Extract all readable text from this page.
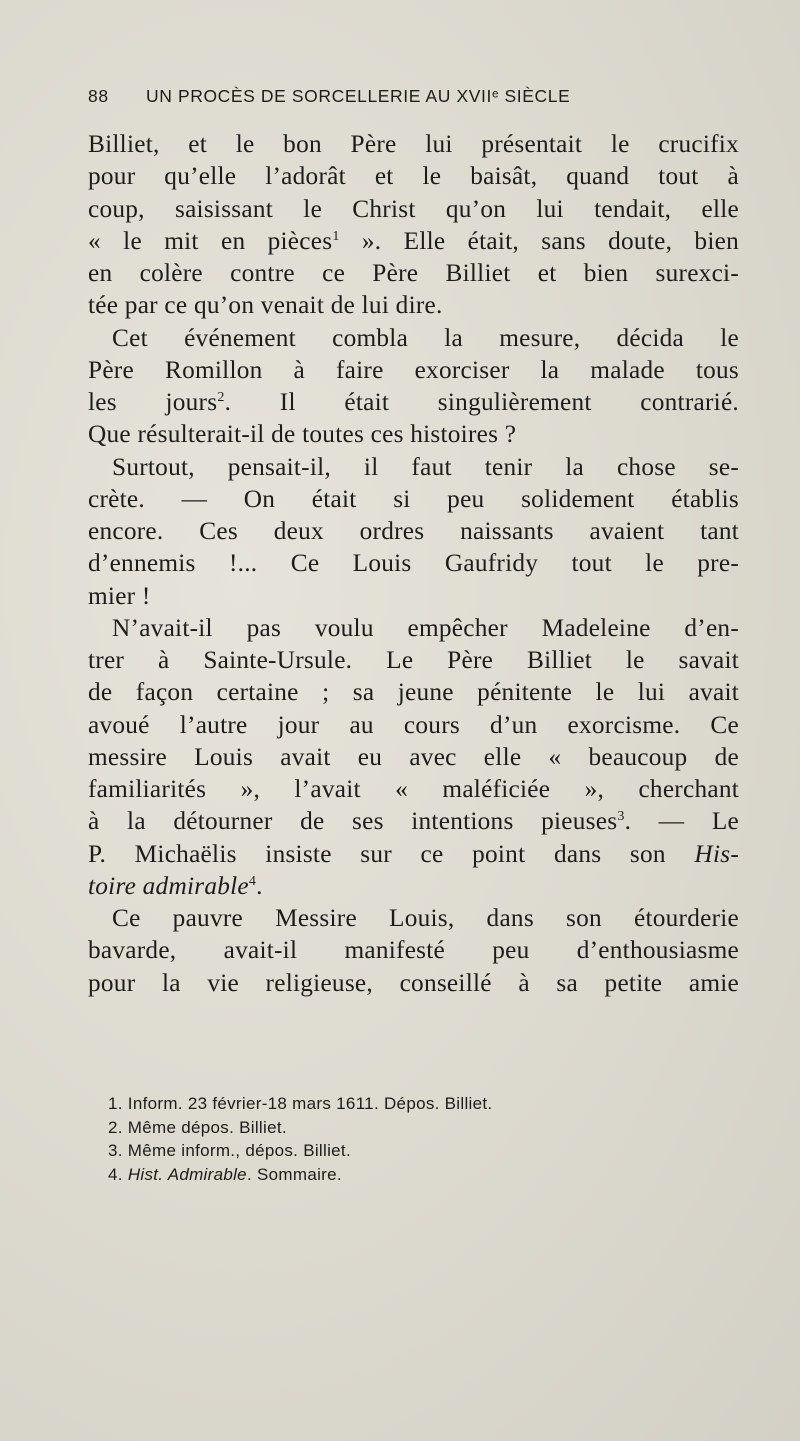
88	UN PROCÈS DE SORCELLERIE AU XVIIᵉ SIÈCLE
Billiet, et le bon Père lui présentait le crucifix
pour qu’elle l’adorât et le baisât, quand tout à
coup, saisissant le Christ qu’on lui tendait, elle
« le mit en pièces$^1$ ». Elle était, sans doute, bien
en colère contre ce Père Billiet et bien surexci-
tée par ce qu’on venait de lui dire.
Cet événement combla la mesure, décida le
Père Romillon à faire exorciser la malade tous
les jours$^2$. Il était singulièrement contrarié.
Que résulterait-il de toutes ces histoires ?
Surtout, pensait-il, il faut tenir la chose se-
crète. — On était si peu solidement établis
encore. Ces deux ordres naissants avaient tant
d’ennemis !... Ce Louis Gaufridy tout le pre-
mier !
N’avait-il pas voulu empêcher Madeleine d’en-
trer à Sainte-Ursule. Le Père Billiet le savait
de façon certaine ; sa jeune pénitente le lui avait
avoué l’autre jour au cours d’un exorcisme. Ce
messire Louis avait eu avec elle « beaucoup de
familiarités », l’avait « maléficiée », cherchant
à la détourner de ses intentions pieuses$^3$. — Le
P. Michaëlis insiste sur ce point dans son His-
toire admirable$^4$.
Ce pauvre Messire Louis, dans son étourderie
bavarde, avait-il manifesté peu d’enthousiasme
pour la vie religieuse, conseillé à sa petite amie
1. Inform. 23 février-18 mars 1611. Dépos. Billiet.
2. Même dépos. Billiet.
3. Même inform., dépos. Billiet.
4. Hist. Admirable. Sommaire.
